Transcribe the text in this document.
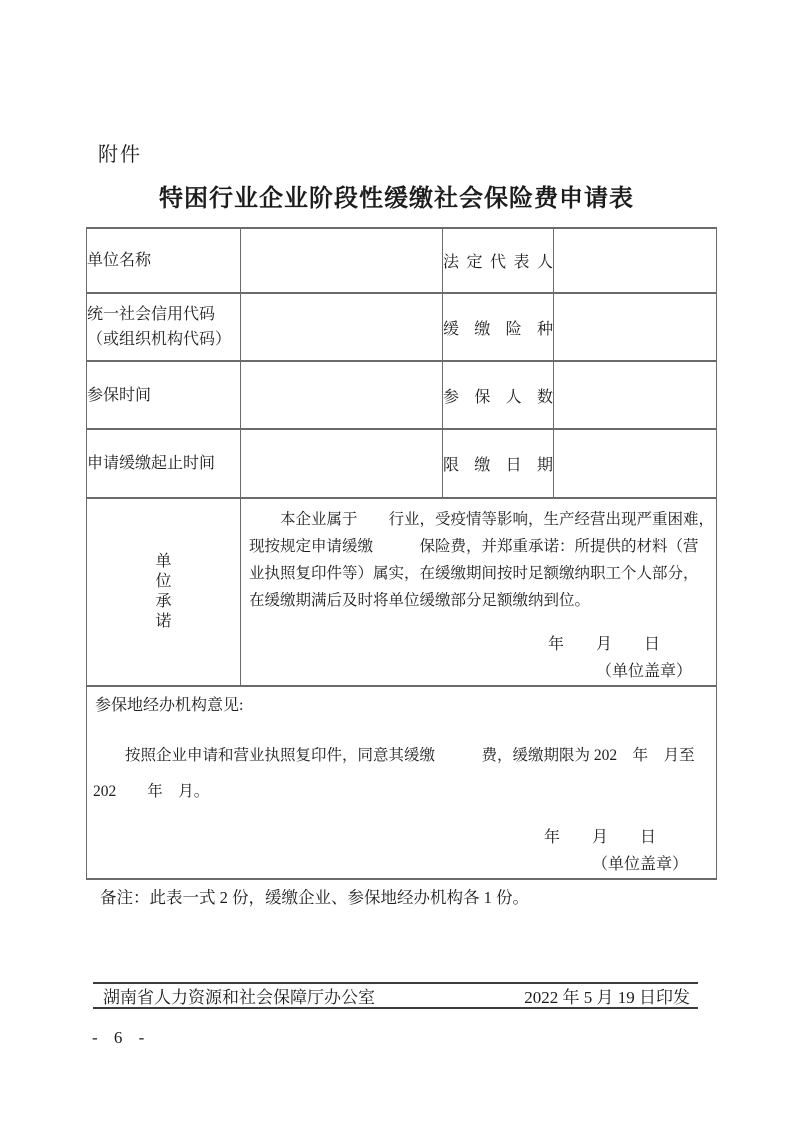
附件
特困行业企业阶段性缓缴社会保险费申请表
单位名称		法定代表人	

统一社会信用代码
（或组织机构代码）		缓缴险种	
参保时间		参保人数	
申请缓缴起止时间		限缴日期	

单位承诺

本企业属于　　行业，受疫情等影响，生产经营出现严重困难，
现按规定申请缓缴　　　保险费，并郑重承诺：所提供的材料（营
业执照复印件等）属实，在缓缴期间按时足额缴纳职工个人部分，
在缓缴期满后及时将单位缓缴部分足额缴纳到位。
年　　月　　日
（单位盖章）

参保地经办机构意见:
按照企业申请和营业执照复印件，同意其缓缴　　　费，缓缴期限为 202　年　月至
202　　年　月。
年　　月　　日
（单位盖章）			
备注：此表一式 2 份，缓缴企业、参保地经办机构各 1 份。
湖南省人力资源和社会保障厅办公室	2022 年 5 月 19 日印发
- 6 -
